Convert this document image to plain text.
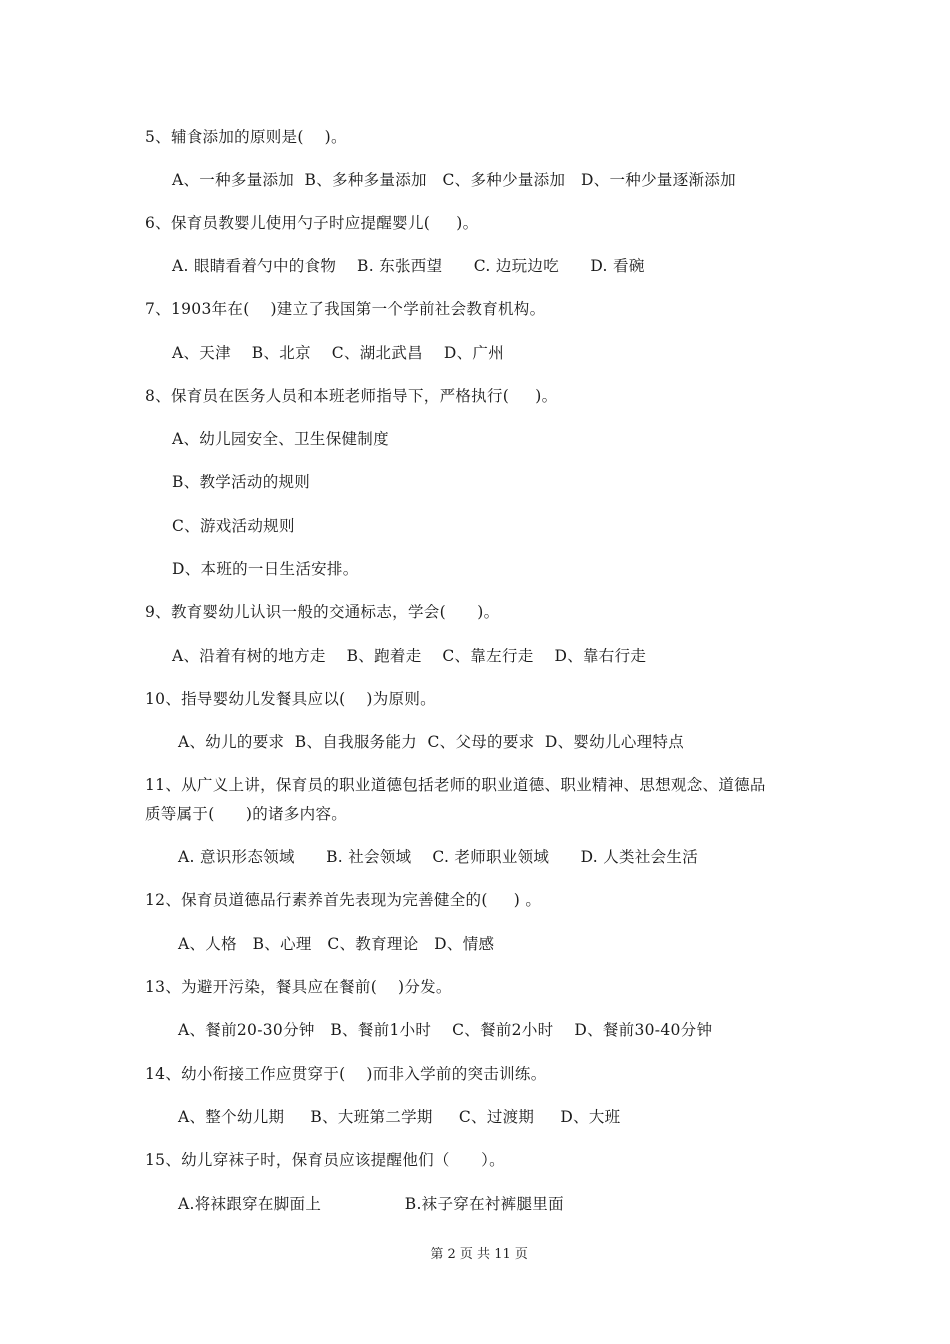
5、辅食添加的原则是(    )。
A、一种多量添加  B、多种多量添加   C、多种少量添加   D、一种少量逐渐添加
6、保育员教婴儿使用勺子时应提醒婴儿(     )。
A. 眼睛看着勺中的食物    B. 东张西望      C. 边玩边吃      D. 看碗
7、1903年在(    )建立了我国第一个学前社会教育机构。
A、天津    B、北京    C、湖北武昌    D、广州
8、保育员在医务人员和本班老师指导下，严格执行(     )。
A、幼儿园安全、卫生保健制度
B、教学活动的规则
C、游戏活动规则
D、本班的一日生活安排。
9、教育婴幼儿认识一般的交通标志，学会(      )。
A、沿着有树的地方走    B、跑着走    C、靠左行走    D、靠右行走
10、指导婴幼儿发餐具应以(    )为原则。
A、幼儿的要求  B、自我服务能力  C、父母的要求  D、婴幼儿心理特点
11、从广义上讲，保育员的职业道德包括老师的职业道德、职业精神、思想观念、道德品
质等属于(      )的诸多内容。
A. 意识形态领域      B. 社会领域    C. 老师职业领域      D. 人类社会生活
12、保育员道德品行素养首先表现为完善健全的(     ) 。
A、人格   B、心理   C、教育理论   D、情感
13、为避开污染，餐具应在餐前(    )分发。
A、餐前20-30分钟   B、餐前1小时    C、餐前2小时    D、餐前30-40分钟
14、幼小衔接工作应贯穿于(    )而非入学前的突击训练。
A、整个幼儿期     B、大班第二学期     C、过渡期     D、大班
15、幼儿穿袜子时，保育员应该提醒他们（      ）。
A.将袜跟穿在脚面上                B.袜子穿在衬裤腿里面

第 2 页 共 11 页
